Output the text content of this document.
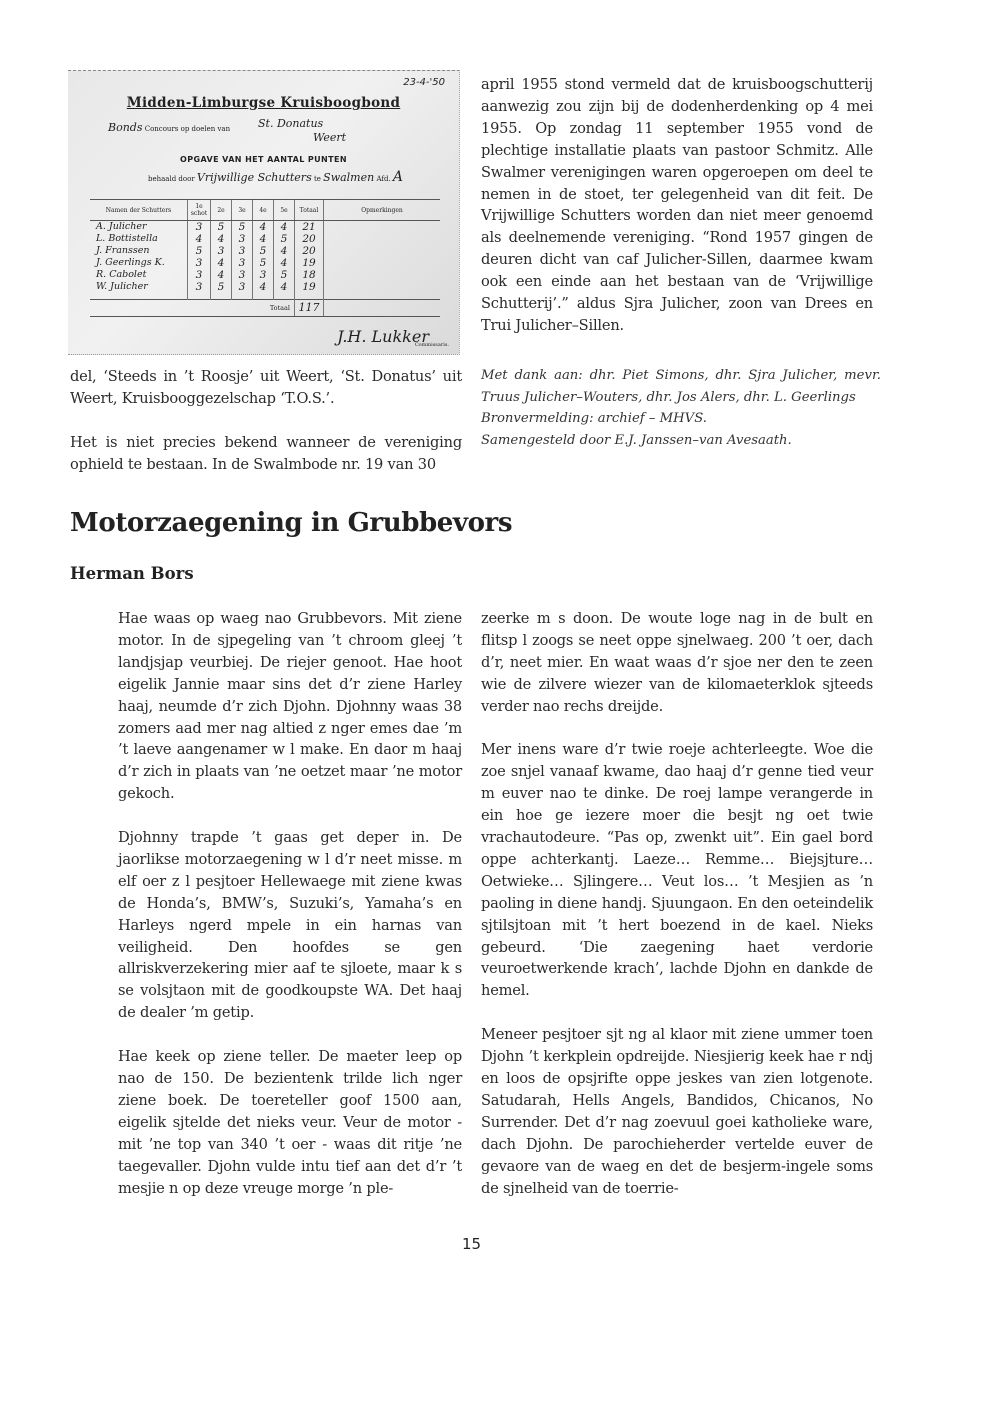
23-4-'50
Midden-Limburgse Kruisboogbond
Bonds Concours op doelen van	St. Donatus
Weert
OPGAVE VAN HET AANTAL PUNTEN
behaald door Vrijwillige Schutters te Swalmen Afd. A
Namen der Schutters	1e schot	2e	3e	4e	5e	Totaal	Opmerkingen
A. Julicher	3	5	5	4	4	21	
L. Bottistella	4	4	3	4	5	20	
J. Franssen	5	3	3	5	4	20	
J. Geerlings K.	3	4	3	5	4	19	
R. Cabolet	3	4	3	3	5	18	
W. Julicher	3	5	3	4	4	19	
Totaal						117	
J.H. Lukker
Commissaris.

del, ‘Steeds in ’t Roosje’ uit Weert, ‘St. Donatus’ uit Weert, Kruisbooggezelschap ‘T.O.S.’.

Het is niet precies bekend wanneer de vereniging ophield te bestaan. In de Swalmbode nr. 19 van 30

april 1955 stond vermeld dat de kruisboogschutterij aanwezig zou zijn bij de dodenherdenking op 4 mei 1955. Op zondag 11 september 1955 vond de plechtige installatie plaats van pastoor Schmitz. Alle Swalmer verenigingen waren opgeroepen om deel te nemen in de stoet, ter gelegenheid van dit feit. De Vrijwillige Schutters worden dan niet meer genoemd als deelnemende vereniging. “Rond 1957 gingen de deuren dicht van caf Julicher-Sillen, daarmee kwam ook een einde aan het bestaan van de ‘Vrijwillige Schutterij’.” aldus Sjra Julicher, zoon van Drees en Trui Julicher–Sillen.

Met dank aan: dhr. Piet Simons, dhr. Sjra Julicher, mevr. Truus Julicher–Wouters, dhr. Jos Alers, dhr. L. Geerlings
Bronvermelding: archief – MHVS.
Samengesteld door E.J. Janssen–van Avesaath.
Motorzaegening in Grubbevors
Herman Bors

Hae waas op waeg nao Grubbevors. Mit ziene motor. In de sjpegeling van ’t chroom gleej ’t landjsjap veurbiej. De riejer genoot. Hae hoot eigelik Jannie maar sins det d’r ziene Harley haaj, neumde d’r zich Djohn. Djohnny waas 38 zomers aad mer nag altied z nger emes dae ’m ’t laeve aangenamer w l make. En daor m haaj d’r zich in plaats van ’ne oetzet maar ’ne motor gekoch.

Djohnny trapde ’t gaas get deper in. De jaorlikse motorzaegening w l d’r neet misse. m elf oer z l pesjtoer Hellewaege mit ziene kwas de Honda’s, BMW’s, Suzuki’s, Yamaha’s en Harleys ngerd mpele in ein harnas van veiligheid. Den hoofdes se gen allriskverzekering mier aaf te sjloete, maar k s se volsjtaon mit de goodkoupste WA. Det haaj de dealer ’m getip.

Hae keek op ziene teller. De maeter leep op nao de 150. De bezientenk trilde lich nger ziene boek. De toereteller goof 1500 aan, eigelik sjtelde det nieks veur. Veur de motor - mit ’ne top van 340 ’t oer - waas dit ritje ’ne taegevaller. Djohn vulde intu tief aan det d’r ’t mesjie n op deze vreuge morge ’n ple-

zeerke m s doon. De woute loge nag in de bult en flitsp l zoogs se neet oppe sjnelwaeg. 200 ’t oer, dach d’r, neet mier. En waat waas d’r sjoe ner den te zeen wie de zilvere wiezer van de kilomaeterklok sjteeds verder nao rechs dreijde.

Mer inens ware d’r twie roeje achterleegte. Woe die zoe snjel vanaaf kwame, dao haaj d’r genne tied veur m euver nao te dinke. De roej lampe verangerde in ein hoe ge iezere moer die besjt ng oet twie vrachautodeure. “Pas op, zwenkt uit”. Ein gael bord oppe achterkantj. Laeze… Remme… Biejsjture… Oetwieke… Sjlingere… Veut los… ’t Mesjien as ’n paoling in diene handj. Sjuungaon. En den oeteindelik sjtilsjtoan mit ’t hert boezend in de kael. Nieks gebeurd. ‘Die zaegening haet verdorie veuroetwerkende krach’, lachde Djohn en dankde de hemel.

Meneer pesjtoer sjt ng al klaor mit ziene ummer toen Djohn ’t kerkplein opdreijde. Niesjierig keek hae r ndj en loos de opsjrifte oppe jeskes van zien lotgenote. Satudarah, Hells Angels, Bandidos, Chicanos, No Surrender. Det d’r nag zoevuul goei katholieke ware, dach Djohn. De parochieherder vertelde euver de gevaore van de waeg en det de besjerm-ingele soms de sjnelheid van de toerrie-

15
